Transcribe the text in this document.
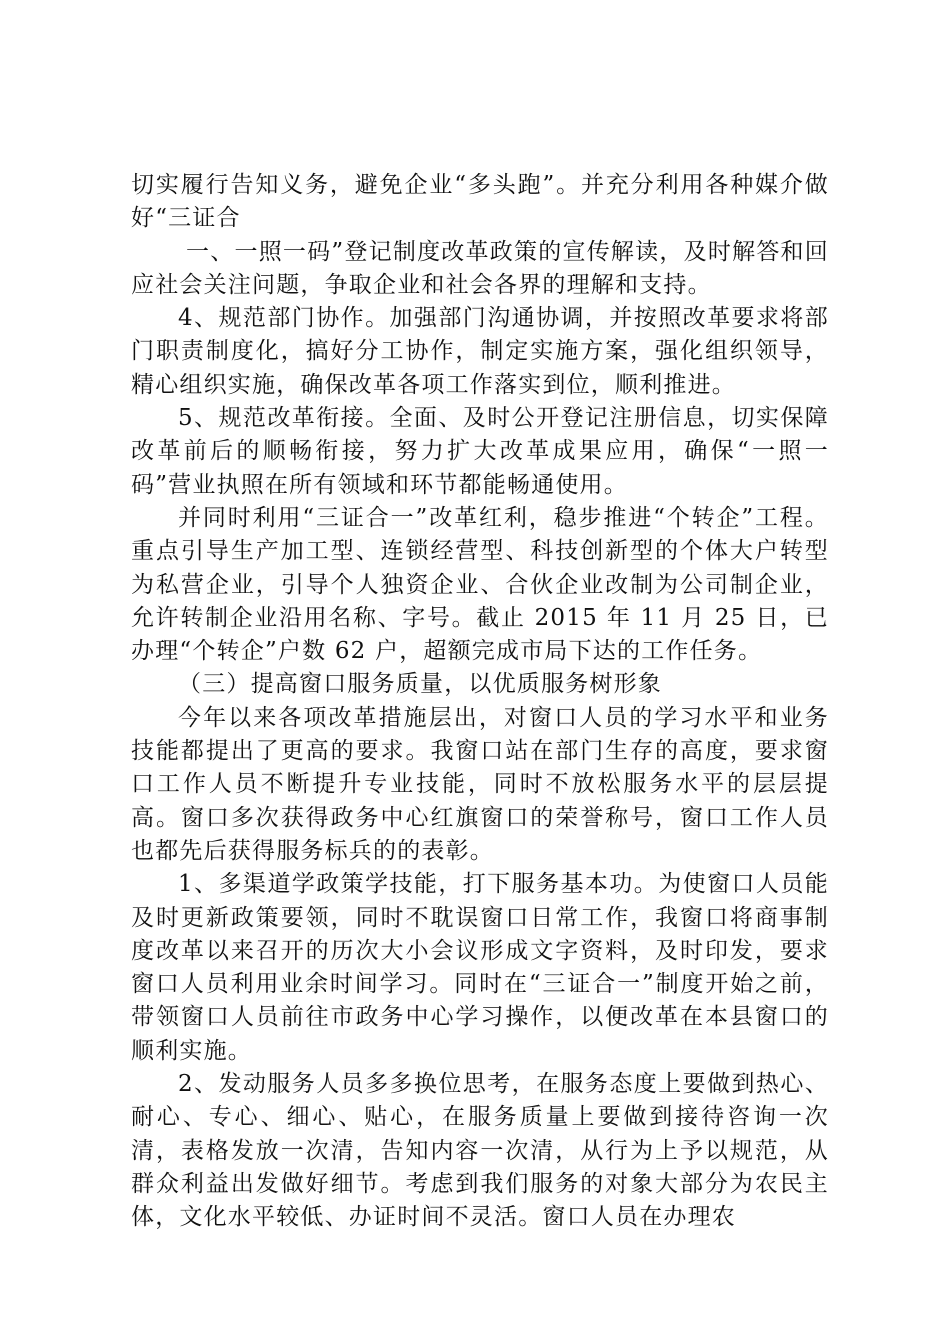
切实履行告知义务，避免企业“多头跑”。并充分利用各种媒介做好“三证合

一、一照一码”登记制度改革政策的宣传解读，及时解答和回应社会关注问题，争取企业和社会各界的理解和支持。

4、规范部门协作。加强部门沟通协调，并按照改革要求将部门职责制度化，搞好分工协作，制定实施方案，强化组织领导，精心组织实施，确保改革各项工作落实到位，顺利推进。

5、规范改革衔接。全面、及时公开登记注册信息，切实保障改革前后的顺畅衔接，努力扩大改革成果应用，确保“一照一码”营业执照在所有领域和环节都能畅通使用。

并同时利用“三证合一”改革红利，稳步推进“个转企”工程。重点引导生产加工型、连锁经营型、科技创新型的个体大户转型为私营企业，引导个人独资企业、合伙企业改制为公司制企业，允许转制企业沿用名称、字号。截止 2015 年 11 月 25 日，已办理“个转企”户数 62 户，超额完成市局下达的工作任务。

（三）提高窗口服务质量，以优质服务树形象

今年以来各项改革措施层出，对窗口人员的学习水平和业务技能都提出了更高的要求。我窗口站在部门生存的高度，要求窗口工作人员不断提升专业技能，同时不放松服务水平的层层提高。窗口多次获得政务中心红旗窗口的荣誉称号，窗口工作人员也都先后获得服务标兵的的表彰。

1、多渠道学政策学技能，打下服务基本功。为使窗口人员能及时更新政策要领，同时不耽误窗口日常工作，我窗口将商事制度改革以来召开的历次大小会议形成文字资料，及时印发，要求窗口人员利用业余时间学习。同时在“三证合一”制度开始之前，带领窗口人员前往市政务中心学习操作，以便改革在本县窗口的顺利实施。

2、发动服务人员多多换位思考，在服务态度上要做到热心、耐心、专心、细心、贴心，在服务质量上要做到接待咨询一次清，表格发放一次清，告知内容一次清，从行为上予以规范，从群众利益出发做好细节。考虑到我们服务的对象大部分为农民主体，文化水平较低、办证时间不灵活。窗口人员在办理农
